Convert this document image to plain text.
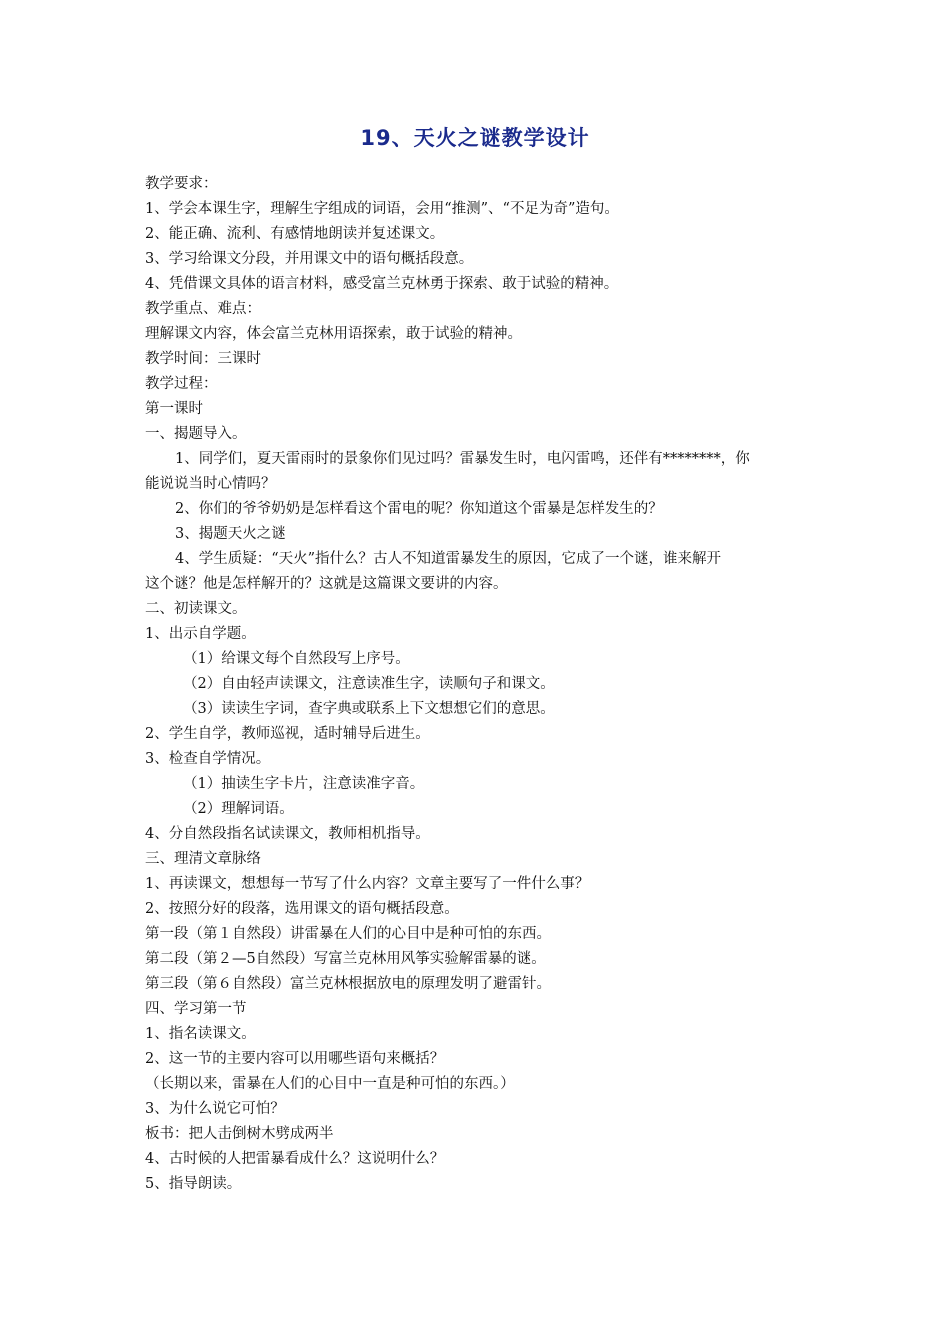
19、天火之谜教学设计
教学要求：
1、学会本课生字，理解生字组成的词语，会用“推测”、“不足为奇”造句。
2、能正确、流利、有感情地朗读并复述课文。
3、学习给课文分段，并用课文中的语句概括段意。
4、凭借课文具体的语言材料，感受富兰克林勇于探索、敢于试验的精神。
教学重点、难点：
理解课文内容，体会富兰克林用语探索，敢于试验的精神。
教学时间：三课时
教学过程：
第一课时
一、揭题导入。
1、同学们，夏天雷雨时的景象你们见过吗？雷暴发生时，电闪雷鸣，还伴有********，你
能说说当时心情吗？
2、你们的爷爷奶奶是怎样看这个雷电的呢？你知道这个雷暴是怎样发生的？
3、揭题天火之谜
4、学生质疑：“天火”指什么？古人不知道雷暴发生的原因，它成了一个谜，谁来解开
这个谜？他是怎样解开的？这就是这篇课文要讲的内容。
二、初读课文。
1、出示自学题。
（1）给课文每个自然段写上序号。
（2）自由轻声读课文，注意读准生字，读顺句子和课文。
（3）读读生字词，查字典或联系上下文想想它们的意思。
2、学生自学，教师巡视，适时辅导后进生。
3、检查自学情况。
（1）抽读生字卡片，注意读准字音。
（2）理解词语。
4、分自然段指名试读课文，教师相机指导。
三、理清文章脉络
1、再读课文，想想每一节写了什么内容？文章主要写了一件什么事？
2、按照分好的段落，选用课文的语句概括段意。
第一段（第１自然段）讲雷暴在人们的心目中是种可怕的东西。
第二段（第２—5自然段）写富兰克林用风筝实验解雷暴的谜。
第三段（第６自然段）富兰克林根据放电的原理发明了避雷针。
四、学习第一节
1、指名读课文。
2、这一节的主要内容可以用哪些语句来概括？
（长期以来，雷暴在人们的心目中一直是种可怕的东西。）
3、为什么说它可怕？
板书：把人击倒树木劈成两半
4、古时候的人把雷暴看成什么？这说明什么？
5、指导朗读。
